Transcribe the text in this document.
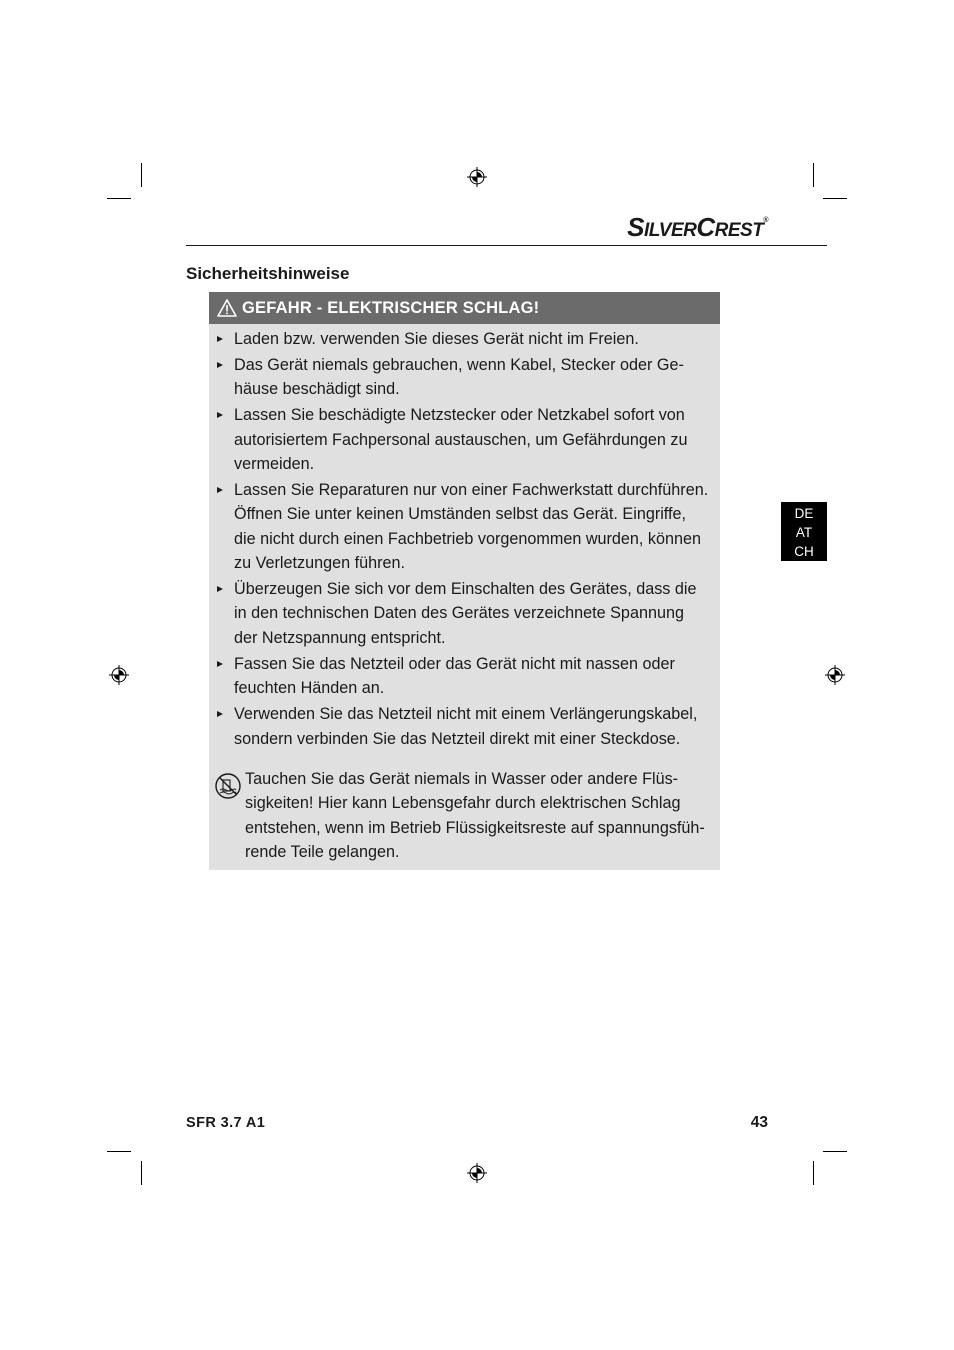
SILVERCREST®
Sicherheitshinweise
GEFAHR - ELEKTRISCHER SCHLAG!
Laden bzw. verwenden Sie dieses Gerät nicht im Freien.
Das Gerät niemals gebrauchen, wenn Kabel, Stecker oder Ge-
häuse beschädigt sind.
Lassen Sie beschädigte Netzstecker oder Netzkabel sofort von
autorisiertem Fachpersonal austauschen, um Gefährdungen zu
vermeiden.
Lassen Sie Reparaturen nur von einer Fachwerkstatt durchführen.
Öffnen Sie unter keinen Umständen selbst das Gerät. Eingriffe,
die nicht durch einen Fachbetrieb vorgenommen wurden, können
zu Verletzungen führen.
Überzeugen Sie sich vor dem Einschalten des Gerätes, dass die
in den technischen Daten des Gerätes verzeichnete Spannung
der Netzspannung entspricht.
Fassen Sie das Netzteil oder das Gerät nicht mit nassen oder
feuchten Händen an.
Verwenden Sie das Netzteil nicht mit einem Verlängerungskabel,
sondern verbinden Sie das Netzteil direkt mit einer Steckdose.
Tauchen Sie das Gerät niemals in Wasser oder andere Flüs-
sigkeiten! Hier kann Lebensgefahr durch elektrischen Schlag
entstehen, wenn im Betrieb Flüssigkeitsreste auf spannungsfüh-
rende Teile gelangen.
DE
AT
CH
SFR 3.7 A1	43
